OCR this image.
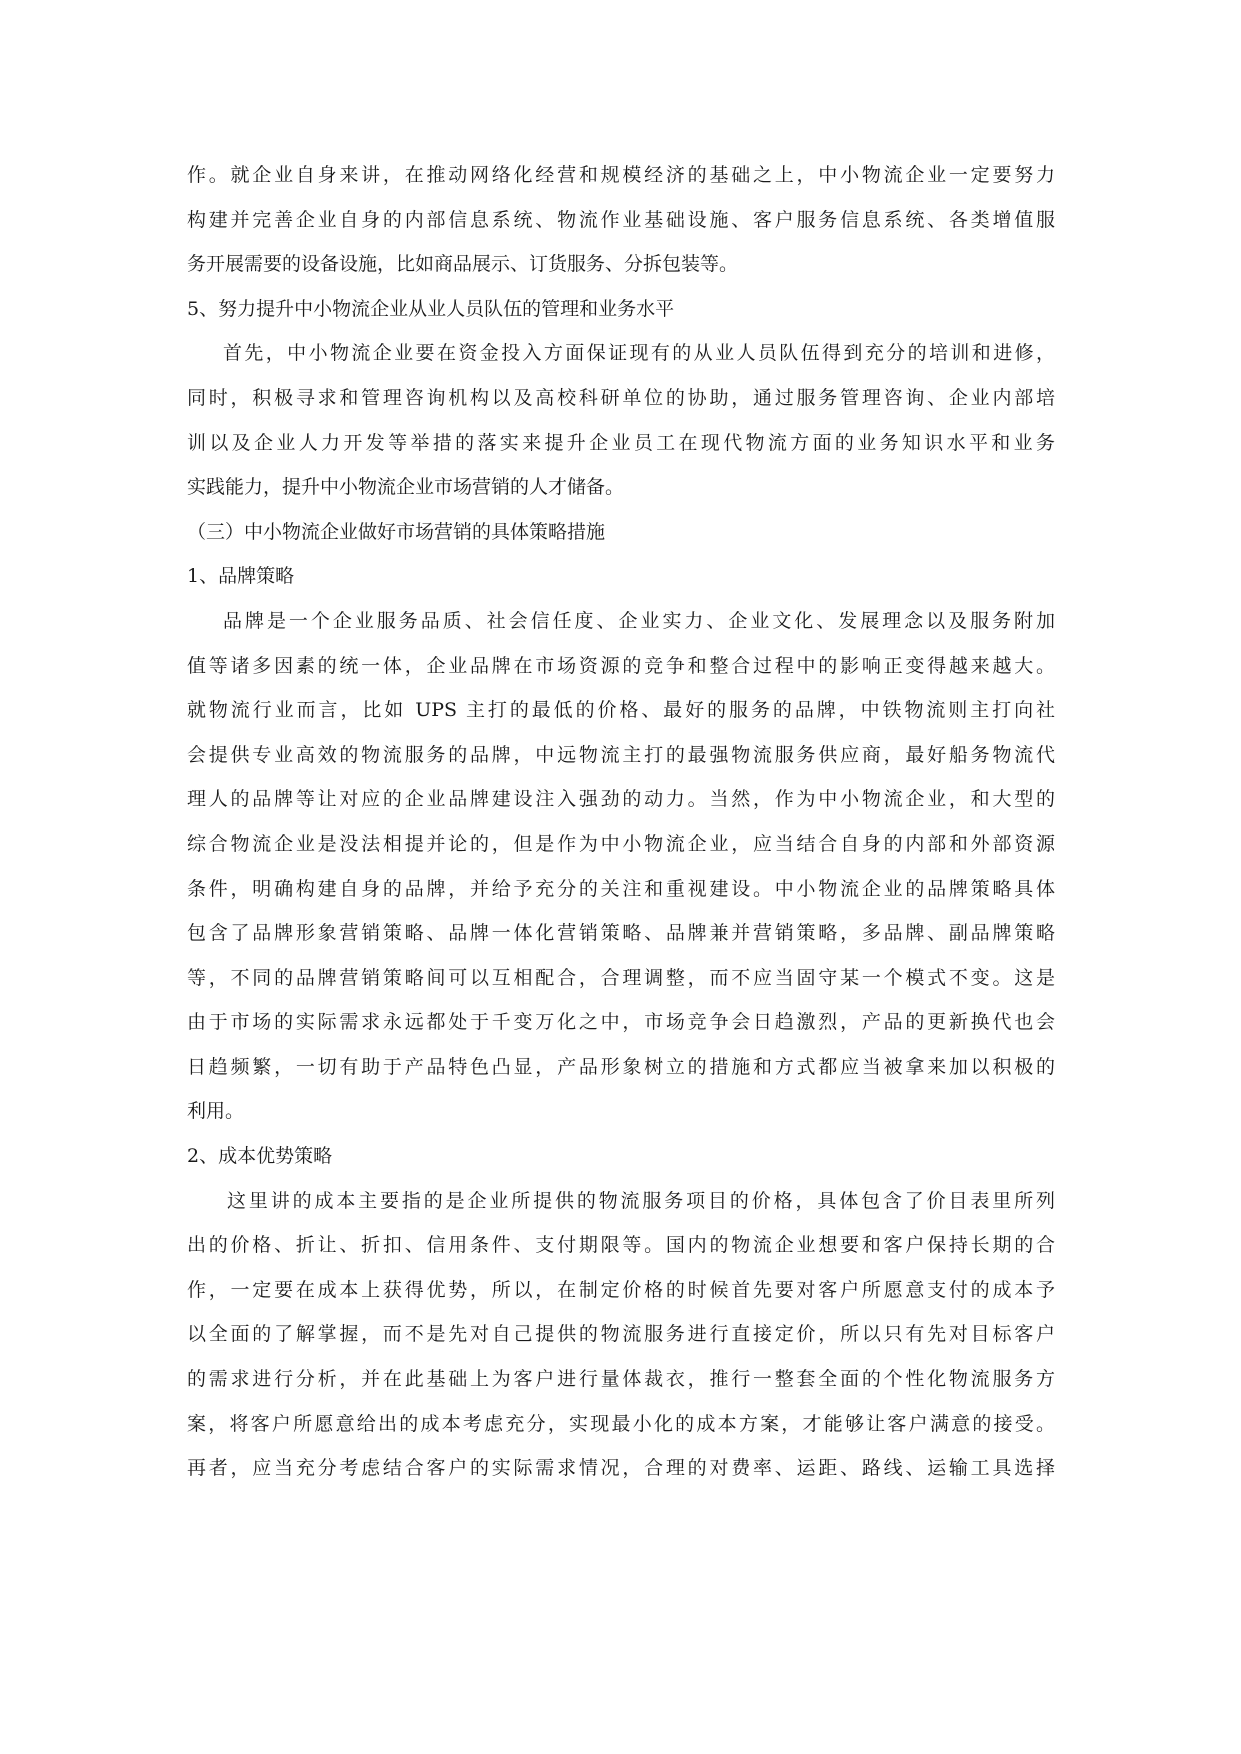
作。就企业自身来讲，在推动网络化经营和规模经济的基础之上，中小物流企业一定要努力
构建并完善企业自身的内部信息系统、物流作业基础设施、客户服务信息系统、各类增值服
务开展需要的设备设施，比如商品展示、订货服务、分拆包装等。
5、努力提升中小物流企业从业人员队伍的管理和业务水平
首先，中小物流企业要在资金投入方面保证现有的从业人员队伍得到充分的培训和进修，
同时，积极寻求和管理咨询机构以及高校科研单位的协助，通过服务管理咨询、企业内部培
训以及企业人力开发等举措的落实来提升企业员工在现代物流方面的业务知识水平和业务
实践能力，提升中小物流企业市场营销的人才储备。
（三）中小物流企业做好市场营销的具体策略措施
1、品牌策略
品牌是一个企业服务品质、社会信任度、企业实力、企业文化、发展理念以及服务附加
值等诸多因素的统一体，企业品牌在市场资源的竞争和整合过程中的影响正变得越来越大。
就物流行业而言，比如 UPS 主打的最低的价格、最好的服务的品牌，中铁物流则主打向社
会提供专业高效的物流服务的品牌，中远物流主打的最强物流服务供应商，最好船务物流代
理人的品牌等让对应的企业品牌建设注入强劲的动力。当然，作为中小物流企业，和大型的
综合物流企业是没法相提并论的，但是作为中小物流企业，应当结合自身的内部和外部资源
条件，明确构建自身的品牌，并给予充分的关注和重视建设。中小物流企业的品牌策略具体
包含了品牌形象营销策略、品牌一体化营销策略、品牌兼并营销策略，多品牌、副品牌策略
等，不同的品牌营销策略间可以互相配合，合理调整，而不应当固守某一个模式不变。这是
由于市场的实际需求永远都处于千变万化之中，市场竞争会日趋激烈，产品的更新换代也会
日趋频繁，一切有助于产品特色凸显，产品形象树立的措施和方式都应当被拿来加以积极的
利用。
2、成本优势策略
这里讲的成本主要指的是企业所提供的物流服务项目的价格，具体包含了价目表里所列
出的价格、折让、折扣、信用条件、支付期限等。国内的物流企业想要和客户保持长期的合
作，一定要在成本上获得优势，所以，在制定价格的时候首先要对客户所愿意支付的成本予
以全面的了解掌握，而不是先对自己提供的物流服务进行直接定价，所以只有先对目标客户
的需求进行分析，并在此基础上为客户进行量体裁衣，推行一整套全面的个性化物流服务方
案，将客户所愿意给出的成本考虑充分，实现最小化的成本方案，才能够让客户满意的接受。
再者，应当充分考虑结合客户的实际需求情况，合理的对费率、运距、路线、运输工具选择
